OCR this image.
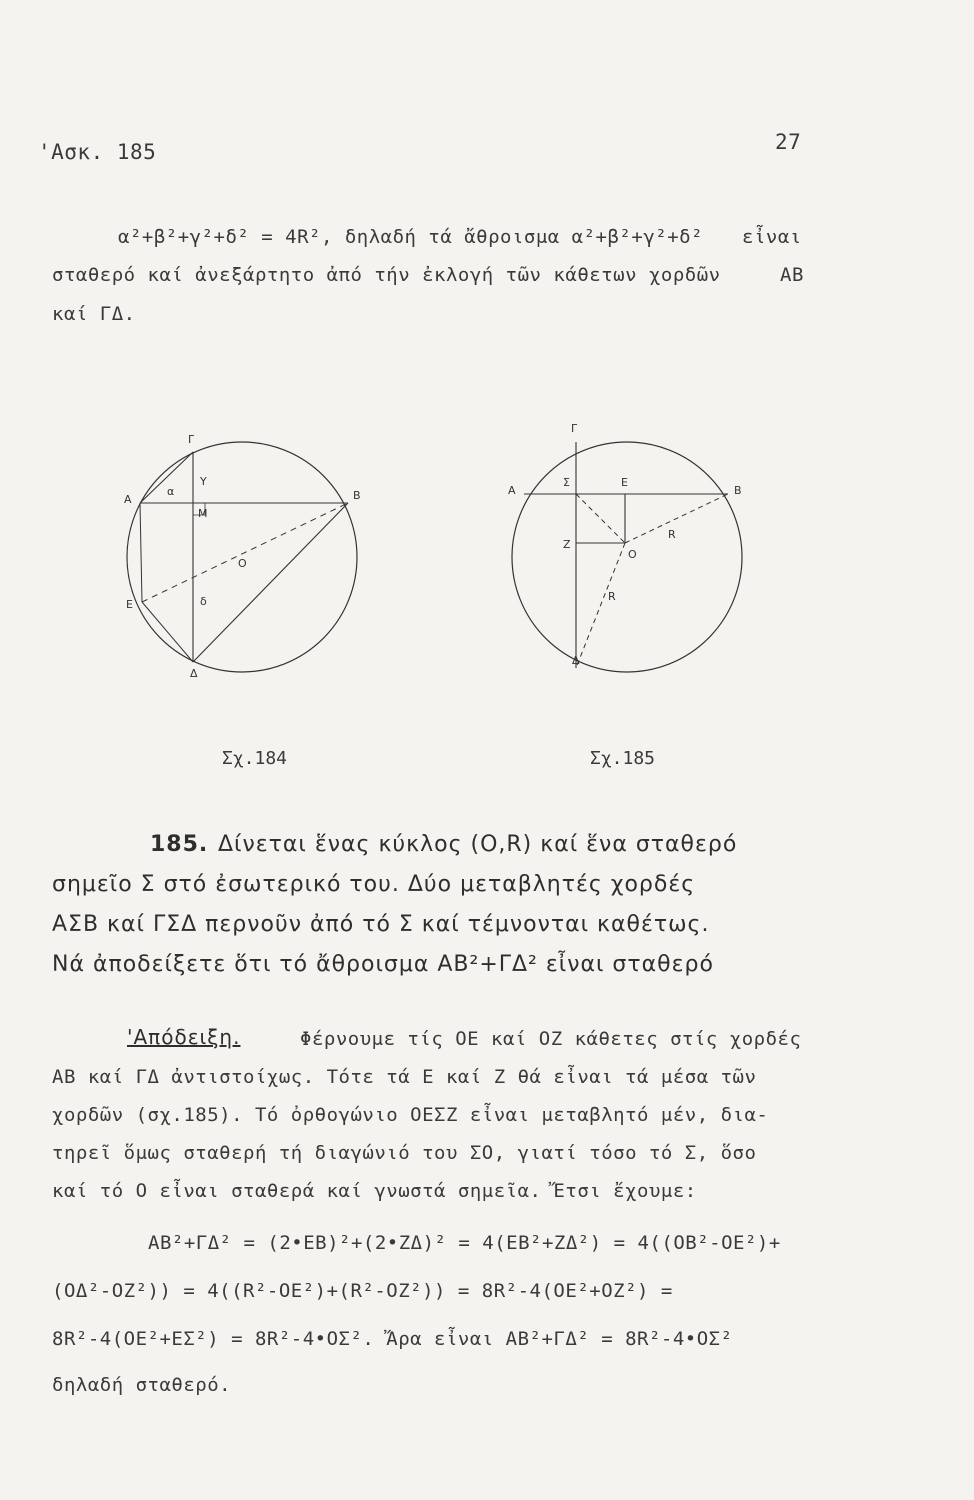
'Ασκ. 185	27
α²+β²+γ²+δ² = 4R², δηλαδή τά ἄθροισμα α²+β²+γ²+δ² εἶναι
σταθερό καί ἀνεξάρτητο ἀπό τήν ἐκλογή τῶν κάθετων χορδῶν	ΑΒ
καί ΓΔ.
Γ
Α
α
Υ
Μ
Β
Ο
Ε	δ
Δ
Σχ.184
Γ
Α
Σ	Ε
Β
R
Ζ
Ο
R
Δ
Σχ.185
185. Δίνεται ἕνας κύκλος (Ο,R) καί ἕνα σταθερό
σημεῖο Σ στό ἐσωτερικό του. Δύο μεταβλητές χορδές
ΑΣΒ καί ΓΣΔ περνοῦν ἀπό τό Σ καί τέμνονται καθέτως.
Νά ἀποδείξετε ὅτι τό ἄθροισμα ΑΒ²+ΓΔ² εἶναι σταθερό
'Απόδειξη.	Φέρνουμε τίς ΟΕ καί ΟΖ κάθετες στίς χορδές
ΑΒ καί ΓΔ ἀντιστοίχως. Τότε τά Ε καί Ζ θά εἶναι τά μέσα τῶν
χορδῶν (σχ.185). Τό ὀρθογώνιο ΟΕΣΖ εἶναι μεταβλητό μέν, δια-
τηρεῖ ὅμως σταθερή τή διαγώνιό του ΣΟ, γιατί τόσο τό Σ, ὅσο
καί τό Ο εἶναι σταθερά καί γνωστά σημεῖα. Ἔτσι ἔχουμε:
ΑΒ²+ΓΔ² = (2•ΕΒ)²+(2•ΖΔ)² = 4(ΕΒ²+ΖΔ²) = 4((ΟΒ²-ΟΕ²)+
(ΟΔ²-ΟΖ²)) = 4((R²-ΟΕ²)+(R²-ΟΖ²)) = 8R²-4(ΟΕ²+ΟΖ²) =
8R²-4(ΟΕ²+ΕΣ²) = 8R²-4•ΟΣ². Ἄρα εἶναι ΑΒ²+ΓΔ² = 8R²-4•ΟΣ²
δηλαδή σταθερό.
